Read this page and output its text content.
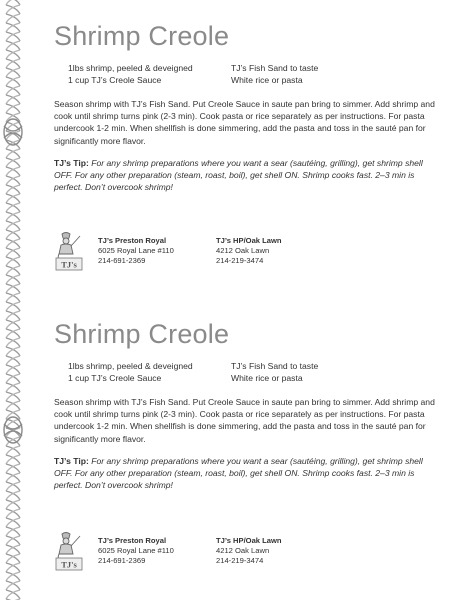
Shrimp Creole
1lbs shrimp, peeled & deveigned	TJ’s Fish Sand to taste
1 cup TJ’s Creole Sauce	White rice or pasta

Season shrimp with TJ’s Fish Sand. Put Creole Sauce in saute pan bring to simmer. Add shrimp and cook until shrimp turns pink (2-3 min). Cook pasta or rice separately as per instructions. For pasta undercook 1-2 min. When shellfish is done simmering, add the pasta and toss in the sauté pan for significantly more flavor.

TJ’s Tip: For any shrimp preparations where you want a sear (sautéing, grilling), get shrimp shell OFF. For any other preparation (steam, roast, boil), get shell ON. Shrimp cooks fast. 2–3 min is perfect. Don’t overcook shrimp!

TJ's
TJ’s Preston Royal
6025 Royal Lane #110
214-691-2369
TJ’s HP/Oak Lawn
4212 Oak Lawn
214-219-3474
Shrimp Creole
1lbs shrimp, peeled & deveigned	TJ’s Fish Sand to taste
1 cup TJ’s Creole Sauce	White rice or pasta

Season shrimp with TJ’s Fish Sand. Put Creole Sauce in saute pan bring to simmer. Add shrimp and cook until shrimp turns pink (2-3 min). Cook pasta or rice separately as per instructions. For pasta undercook 1-2 min. When shellfish is done simmering, add the pasta and toss in the sauté pan for significantly more flavor.

TJ’s Tip: For any shrimp preparations where you want a sear (sautéing, grilling), get shrimp shell OFF. For any other preparation (steam, roast, boil), get shell ON. Shrimp cooks fast. 2–3 min is perfect. Don’t overcook shrimp!

TJ's
TJ’s Preston Royal
6025 Royal Lane #110
214-691-2369
TJ’s HP/Oak Lawn
4212 Oak Lawn
214-219-3474
